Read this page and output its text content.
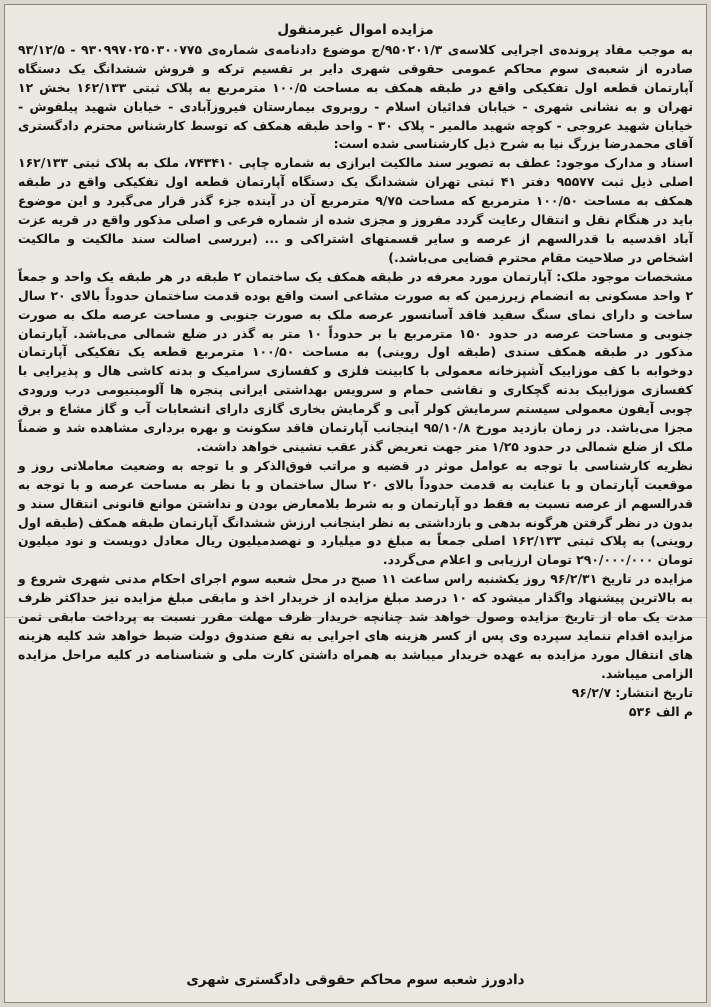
مزایده اموال غیرمنقول

به موجب مفاد پرونده‌ی اجرایی کلاسه‌ی ۹۵۰۲۰۱/۳/ج موضوع دادنامه‌ی شماره‌ی ۹۳۰۹۹۷۰۲۵۰۳۰۰۷۷۵ - ۹۳/۱۲/۵ صادره از شعبه‌ی سوم محاکم عمومی حقوقی شهری دایر بر تقسیم ترکه و فروش ششدانگ یک دستگاه آپارتمان قطعه اول تفکیکی واقع در طبقه همکف به مساحت ۱۰۰/۵ مترمربع به پلاک ثبتی ۱۶۲/۱۳۳ بخش ۱۲ تهران و به نشانی شهری - خیابان فدائیان اسلام - روبروی بیمارستان فیروزآبادی - خیابان شهید پیلفوش - خیابان شهید عروجی - کوچه شهید مالمیر - پلاک ۳۰ - واحد طبقه همکف که توسط کارشناس محترم دادگستری آقای محمدرضا بزرگ نیا به شرح ذیل کارشناسی شده است:

اسناد و مدارک موجود: عطف به تصویر سند مالکیت ابرازی به شماره چاپی ۷۴۳۴۱۰، ملک به پلاک ثبتی ۱۶۲/۱۳۳ اصلی ذیل ثبت ۹۵۵۷۷ دفتر ۴۱ ثبتی تهران ششدانگ یک دستگاه آپارتمان قطعه اول تفکیکی واقع در طبقه همکف به مساحت ۱۰۰/۵۰ مترمربع که مساحت ۹/۷۵ مترمربع آن در آینده جزء گذر قرار می‌گیرد و این موضوع باید در هنگام نقل و انتقال رعایت گردد مفروز و مجزی شده از شماره فرعی و اصلی مذکور واقع در قریه عزت آباد اقدسیه با قدرالسهم از عرصه و سایر قسمتهای اشتراکی و ... (بررسی اصالت سند مالکیت و مالکیت اشخاص در صلاحیت مقام محترم قضایی می‌باشد.)

مشخصات موجود ملک: آپارتمان مورد معرفه در طبقه همکف یک ساختمان ۲ طبقه در هر طبقه یک واحد و جمعاً ۲ واحد مسکونی به انضمام زیرزمین که به صورت مشاعی است واقع بوده قدمت ساختمان حدوداً بالای ۲۰ سال ساخت و دارای نمای سنگ سفید فاقد آسانسور عرصه ملک به صورت جنوبی و مساحت عرصه ملک به صورت جنوبی و مساحت عرصه در حدود ۱۵۰ مترمربع با بر حدوداً ۱۰ متر به گذر در ضلع شمالی می‌باشد. آپارتمان مذکور در طبقه همکف سندی (طبقه اول روینی) به مساحت ۱۰۰/۵۰ مترمربع قطعه یک تفکیکی آپارتمان دوخوابه با کف موزاییک آشپزخانه معمولی با کابینت فلزی و کفسازی سرامیک و بدنه کاشی هال و پذیرایی با کفسازی موزاییک بدنه گچکاری و نقاشی حمام و سرویس بهداشتی ایرانی پنجره ها آلومینیومی درب ورودی چوبی آیفون معمولی سیستم سرمایش کولر آبی و گرمایش بخاری گازی دارای انشعابات آب و گاز مشاع و برق مجزا می‌باشد. در زمان بازدید مورخ ۹۵/۱۰/۸ اینجانب آپارتمان فاقد سکونت و بهره برداری مشاهده شد و ضمناً ملک از ضلع شمالی در حدود ۱/۲۵ متر جهت تعریض گذر عقب نشینی خواهد داشت.

نظریه کارشناسی با توجه به عوامل موثر در قضیه و مراتب فوق‌الذکر و با توجه به وضعیت معاملاتی روز و موقعیت آپارتمان و با عنایت به قدمت حدوداً بالای ۲۰ سال ساختمان و با نظر به مساحت عرصه و با توجه به قدرالسهم از عرصه نسبت به فقط دو آپارتمان و به شرط بلامعارض بودن و نداشتن موانع قانونی انتقال سند و بدون در نظر گرفتن هرگونه بدهی و بازداشتی به نظر اینجانب ارزش ششدانگ آپارتمان طبقه همکف (طبقه اول روینی) به پلاک ثبتی ۱۶۲/۱۳۳ اصلی جمعاً به مبلغ دو میلیارد و نهصدمیلیون ریال معادل دویست و نود میلیون تومان ۲۹۰/۰۰۰/۰۰۰ تومان ارزیابی و اعلام می‌گردد.

مزایده در تاریخ ۹۶/۲/۳۱ روز یکشنبه راس ساعت ۱۱ صبح در محل شعبه سوم اجرای احکام مدنی شهری شروع و به بالاترین پیشنهاد واگذار میشود که ۱۰ درصد مبلغ مزایده از خریدار اخذ و مابقی مبلغ مزایده نیز حداکثر ظرف مدت یک ماه از تاریخ مزایده وصول خواهد شد چنانچه خریدار ظرف مهلت مقرر نسبت به پرداخت مابقی ثمن مزایده اقدام ننماید سپرده وی پس از کسر هزینه های اجرایی به نفع صندوق دولت ضبط خواهد شد کلیه هزینه های انتقال مورد مزایده به عهده خریدار میباشد به همراه داشتن کارت ملی و شناسنامه در کلیه مراحل مزایده الزامی میباشد.

تاریخ انتشار: ۹۶/۲/۷
م الف ۵۳۶
دادورز شعبه سوم محاکم حقوقی دادگستری شهری
